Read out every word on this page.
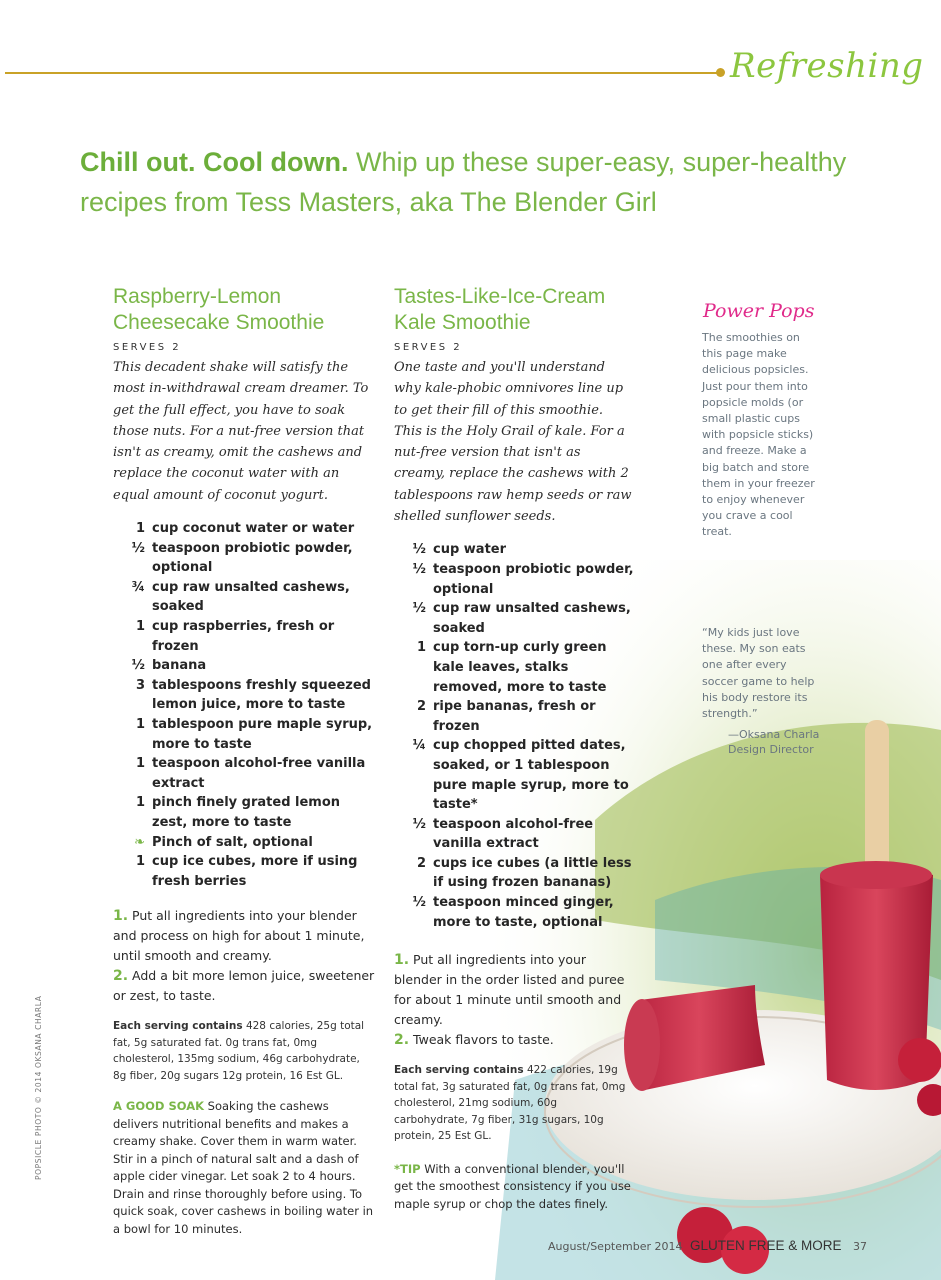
Refreshing
Chill out. Cool down. Whip up these super-easy, super-healthy recipes from Tess Masters, aka The Blender Girl
Raspberry-Lemon
Cheesecake Smoothie
SERVES 2
This decadent shake will satisfy the most in-withdrawal cream dreamer. To get the full effect, you have to soak those nuts. For a nut-free version that isn't as creamy, omit the cashews and replace the coconut water with an equal amount of coconut yogurt.
1 cup coconut water or water
½ teaspoon probiotic powder, optional
¾ cup raw unsalted cashews, soaked
1 cup raspberries, fresh or frozen
½ banana
3 tablespoons freshly squeezed lemon juice, more to taste
1 tablespoon pure maple syrup, more to taste
1 teaspoon alcohol-free vanilla extract
1 pinch finely grated lemon zest, more to taste
❧ Pinch of salt, optional
1 cup ice cubes, more if using fresh berries
1. Put all ingredients into your blender and process on high for about 1 minute, until smooth and creamy.
2. Add a bit more lemon juice, sweetener or zest, to taste.
Each serving contains 428 calories, 25g total fat, 5g saturated fat. 0g trans fat, 0mg cholesterol, 135mg sodium, 46g carbohydrate, 8g fiber, 20g sugars 12g protein, 16 Est GL.
A GOOD SOAK Soaking the cashews delivers nutritional benefits and makes a creamy shake. Cover them in warm water. Stir in a pinch of natural salt and a dash of apple cider vinegar. Let soak 2 to 4 hours. Drain and rinse thoroughly before using. To quick soak, cover cashews in boiling water in a bowl for 10 minutes.
Tastes-Like-Ice-Cream
Kale Smoothie
SERVES 2
One taste and you'll understand why kale-phobic omnivores line up to get their fill of this smoothie. This is the Holy Grail of kale. For a nut-free version that isn't as creamy, replace the cashews with 2 tablespoons raw hemp seeds or raw shelled sunflower seeds.
½ cup water
½ teaspoon probiotic powder, optional
½ cup raw unsalted cashews, soaked
1 cup torn-up curly green kale leaves, stalks removed, more to taste
2 ripe bananas, fresh or frozen
¼ cup chopped pitted dates, soaked, or 1 tablespoon pure maple syrup, more to taste*
½ teaspoon alcohol-free vanilla extract
2 cups ice cubes (a little less if using frozen bananas)
½ teaspoon minced ginger, more to taste, optional
1. Put all ingredients into your blender in the order listed and puree for about 1 minute until smooth and creamy.
2. Tweak flavors to taste.
Each serving contains 422 calories, 19g total fat, 3g saturated fat, 0g trans fat, 0mg cholesterol, 21mg sodium, 60g carbohydrate, 7g fiber, 31g sugars, 10g protein, 25 Est GL.
*TIP With a conventional blender, you'll get the smoothest consistency if you use maple syrup or chop the dates finely.
Power Pops
The smoothies on this page make delicious popsicles. Just pour them into popsicle molds (or small plastic cups with popsicle sticks) and freeze. Make a big batch and store them in your freezer to enjoy whenever you crave a cool treat.
“My kids just love these. My son eats one after every soccer game to help his body restore its strength.”
—Oksana Charla
Design Director
POPSICLE PHOTO © 2014 OKSANA CHARLA
August/September 2014 GLUTEN FREE & MORE 37
